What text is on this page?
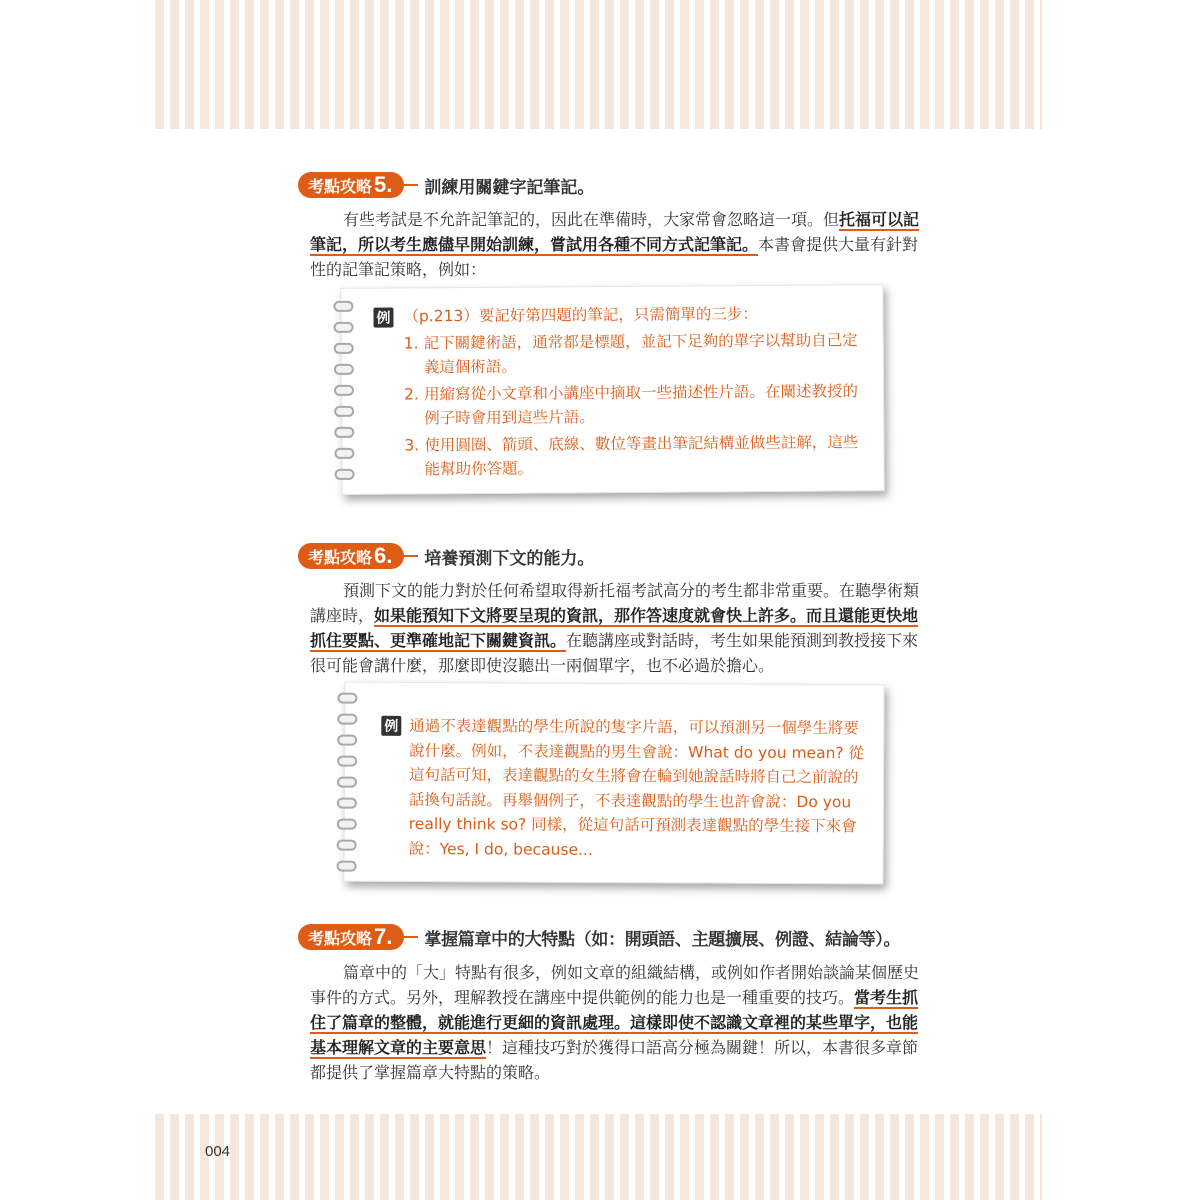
考點攻略 5. 訓練用關鍵字記筆記。

有些考試是不允許記筆記的，因此在準備時，大家常會忽略這一項。但托福可以記筆記，所以考生應儘早開始訓練，嘗試用各種不同方式記筆記。本書會提供大量有針對性的記筆記策略，例如：

例 （p.213）要記好第四題的筆記，只需簡單的三步：

1. 記下關鍵術語，通常都是標題，並記下足夠的單字以幫助自己定義這個術語。
2. 用縮寫從小文章和小講座中摘取一些描述性片語。在闡述教授的例子時會用到這些片語。
3. 使用圓圈、箭頭、底線、數位等畫出筆記結構並做些註解，這些能幫助你答題。
考點攻略 6. 培養預測下文的能力。

預測下文的能力對於任何希望取得新托福考試高分的考生都非常重要。在聽學術類講座時，如果能預知下文將要呈現的資訊，那作答速度就會快上許多。而且還能更快地抓住要點、更準確地記下關鍵資訊。在聽講座或對話時，考生如果能預測到教授接下來很可能會講什麼，那麼即使沒聽出一兩個單字，也不必過於擔心。

例 通過不表達觀點的學生所說的隻字片語，可以預測另一個學生將要說什麼。例如，不表達觀點的男生會說：What do you mean? 從這句話可知，表達觀點的女生將會在輪到她說話時將自己之前說的話換句話說。再舉個例子，不表達觀點的學生也許會說：Do you really think so? 同樣，從這句話可預測表達觀點的學生接下來會說：Yes, I do, because...

考點攻略 7. 掌握篇章中的大特點（如：開頭語、主題擴展、例證、結論等）。

篇章中的「大」特點有很多，例如文章的組織結構，或例如作者開始談論某個歷史事件的方式。另外，理解教授在講座中提供範例的能力也是一種重要的技巧。當考生抓住了篇章的整體，就能進行更細的資訊處理。這樣即使不認識文章裡的某些單字，也能基本理解文章的主要意思！這種技巧對於獲得口語高分極為關鍵！所以，本書很多章節都提供了掌握篇章大特點的策略。

004
